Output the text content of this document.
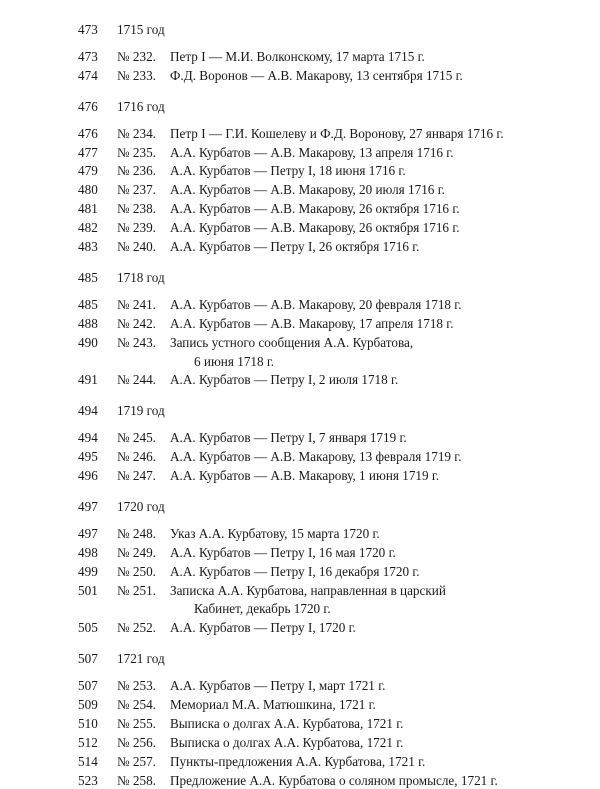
473 1715 год
473 № 232. Петр I — М.И. Волконскому, 17 марта 1715 г.
474 № 233. Ф.Д. Воронов — А.В. Макарову, 13 сентября 1715 г.
476 1716 год
476 № 234. Петр I — Г.И. Кошелеву и Ф.Д. Воронову, 27 января 1716 г.
477 № 235. А.А. Курбатов — А.В. Макарову, 13 апреля 1716 г.
479 № 236. А.А. Курбатов — Петру I, 18 июня 1716 г.
480 № 237. А.А. Курбатов — А.В. Макарову, 20 июля 1716 г.
481 № 238. А.А. Курбатов — А.В. Макарову, 26 октября 1716 г.
482 № 239. А.А. Курбатов — А.В. Макарову, 26 октября 1716 г.
483 № 240. А.А. Курбатов — Петру I, 26 октября 1716 г.
485 1718 год
485 № 241. А.А. Курбатов — А.В. Макарову, 20 февраля 1718 г.
488 № 242. А.А. Курбатов — А.В. Макарову, 17 апреля 1718 г.
490 № 243. Запись устного сообщения А.А. Курбатова,
6 июня 1718 г.
491 № 244. А.А. Курбатов — Петру I, 2 июля 1718 г.
494 1719 год
494 № 245. А.А. Курбатов — Петру I, 7 января 1719 г.
495 № 246. А.А. Курбатов — А.В. Макарову, 13 февраля 1719 г.
496 № 247. А.А. Курбатов — А.В. Макарову, 1 июня 1719 г.
497 1720 год
497 № 248. Указ А.А. Курбатову, 15 марта 1720 г.
498 № 249. А.А. Курбатов — Петру I, 16 мая 1720 г.
499 № 250. А.А. Курбатов — Петру I, 16 декабря 1720 г.
501 № 251. Записка А.А. Курбатова, направленная в царский
Кабинет, декабрь 1720 г.
505 № 252. А.А. Курбатов — Петру I, 1720 г.
507 1721 год
507 № 253. А.А. Курбатов — Петру I, март 1721 г.
509 № 254. Мемориал М.А. Матюшкина, 1721 г.
510 № 255. Выписка о долгах А.А. Курбатова, 1721 г.
512 № 256. Выписка о долгах А.А. Курбатова, 1721 г.
514 № 257. Пункты-предложения А.А. Курбатова, 1721 г.
523 № 258. Предложение А.А. Курбатова о соляном промысле, 1721 г.
